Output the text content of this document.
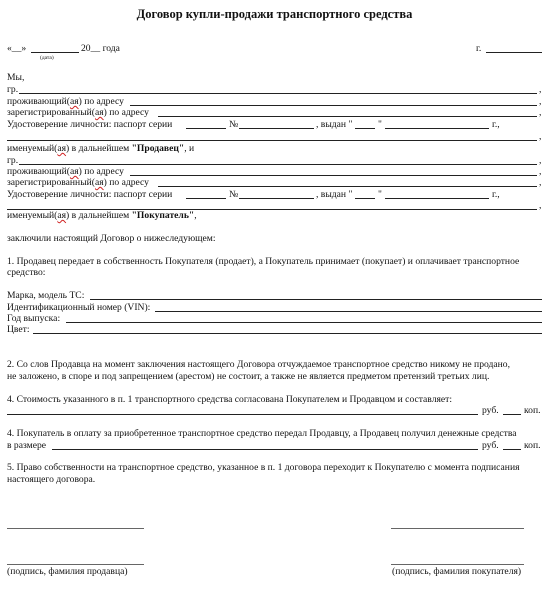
Договор купли-продажи транспортного средства
«__»	20__ года
(дата)
г.
Мы,
гр.	,
проживающий(ая) по адресу	,
зарегистрированный(ая) по адресу	,
Удостоверение личности: паспорт серии	№	, выдан "	"	г.,
,
именуемый(ая) в дальнейшем "Продавец", и
гр.	,
проживающий(ая) по адресу	,
зарегистрированный(ая) по адресу	,
Удостоверение личности: паспорт серии	№	, выдан "	"	г.,
,
именуемый(ая) в дальнейшем "Покупатель",
заключили настоящий Договор о нижеследующем:
1. Продавец передает в собственность Покупателя (продает), а Покупатель принимает (покупает) и оплачивает транспортное
средство:
Марка, модель ТС:
Идентификационный номер (VIN):
Год выпуска:
Цвет:
2. Со слов Продавца на момент заключения настоящего Договора отчуждаемое транспортное средство никому не продано,
не заложено, в споре и под запрещением (арестом) не состоит, а также не является предметом претензий третьих лиц.
4. Стоимость указанного в п. 1 транспортного средства согласована Покупателем и Продавцом и составляет:
руб.	коп.
4. Покупатель в оплату за приобретенное транспортное средство передал Продавцу, а Продавец получил денежные средства
в размере	руб.	коп.
5. Право собственности на транспортное средство, указанное в п. 1 договора переходит к Покупателю с момента подписания
настоящего договора.
(подпись, фамилия продавца)	(подпись, фамилия покупателя)
